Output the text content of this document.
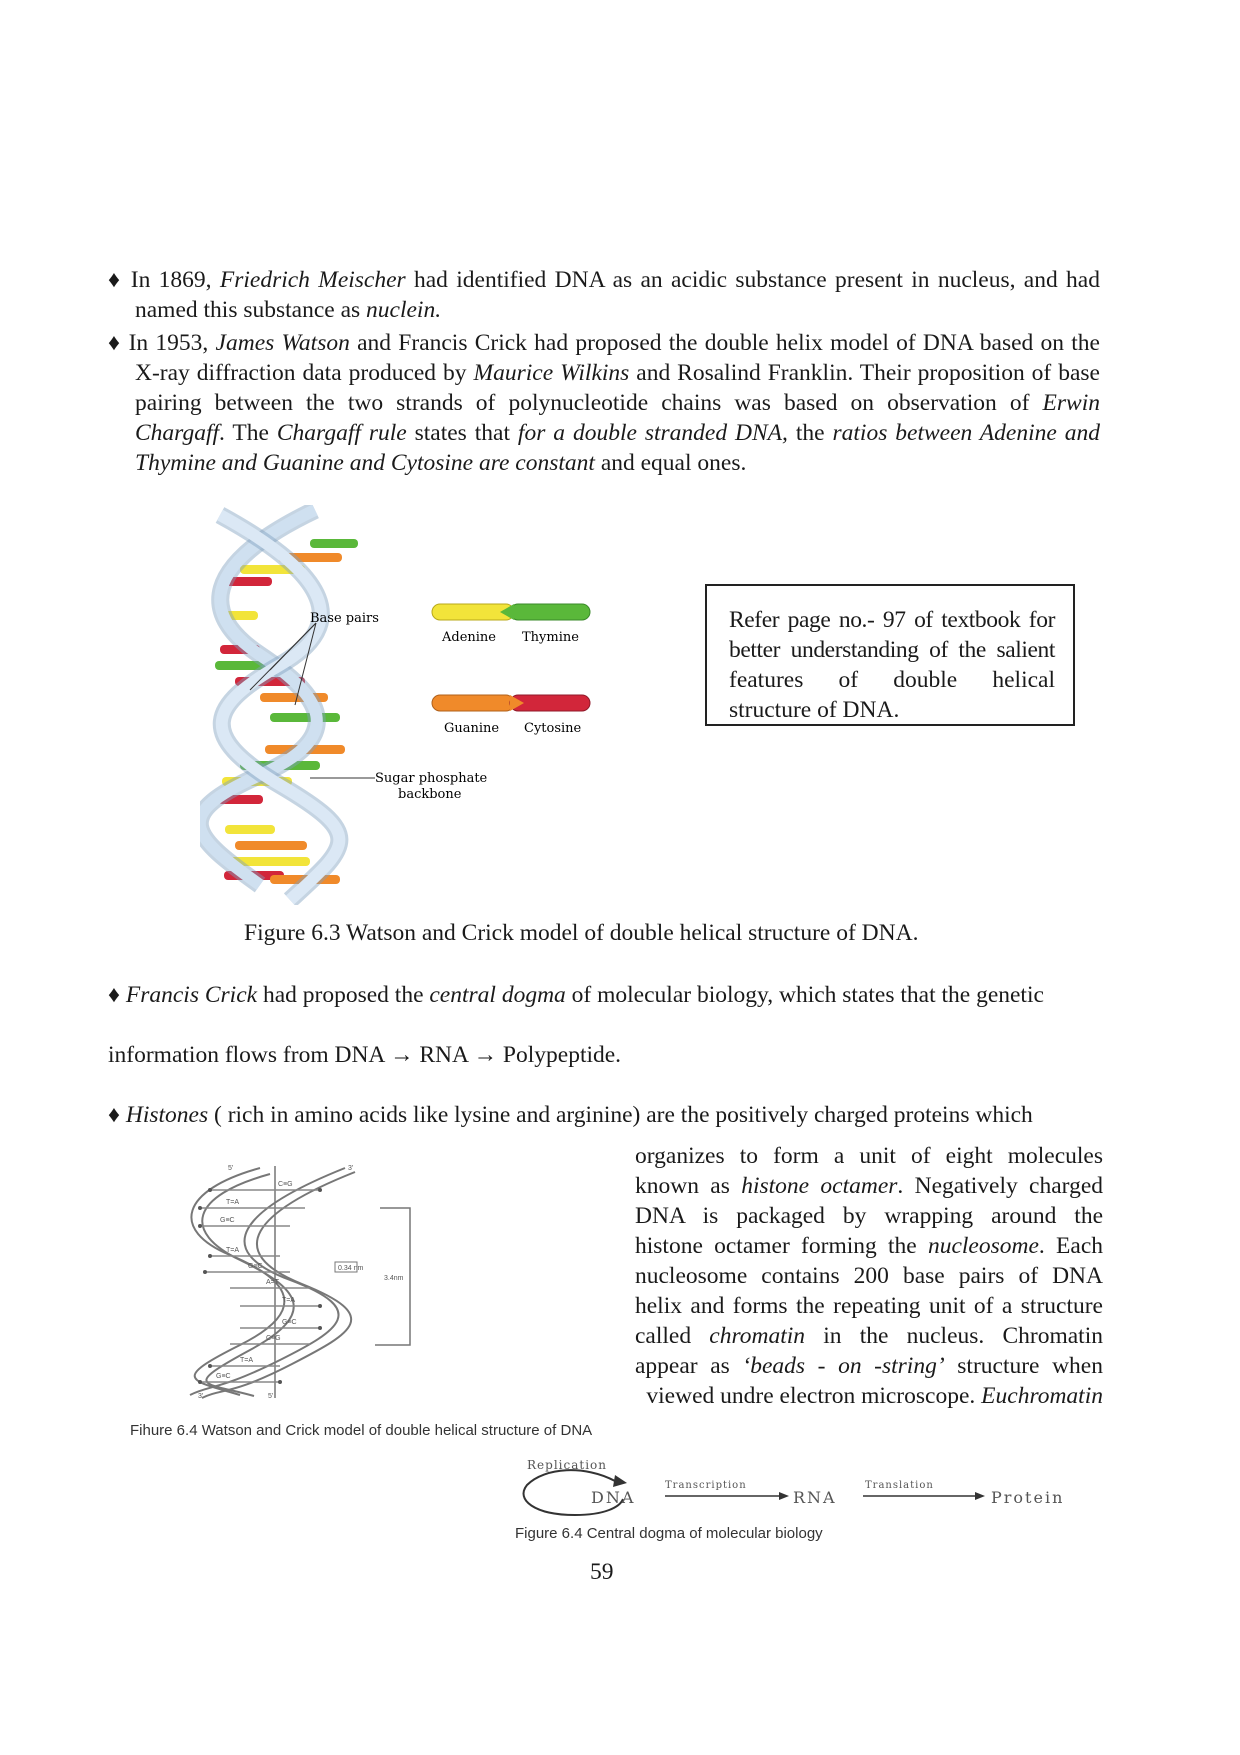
♦ In 1869, Friedrich Meischer had identified DNA as an acidic substance present in nucleus, and had named this substance as nuclein.
♦ In 1953, James Watson and Francis Crick had proposed the double helix model of DNA based on the X-ray diffraction data produced by Maurice Wilkins and Rosalind Franklin. Their proposition of base pairing between the two strands of polynucleotide chains was based on observation of Erwin Chargaff. The Chargaff rule states that for a double stranded DNA, the ratios between Adenine and Thymine and Guanine and Cytosine are constant and equal ones.
Base pairs
Sugar phosphate
backbone
Adenine Thymine
Guanine Cytosine
Refer page no.- 97 of textbook for
better understanding of the salient
features of double helical
structure of DNA.
Figure 6.3 Watson and Crick model of double helical structure of DNA.
♦ Francis Crick had proposed the central dogma of molecular biology, which states that the genetic
information flows from DNA → RNA → Polypeptide.
♦ Histones ( rich in amino acids like lysine and arginine) are the positively charged proteins which
organizes to form a unit of eight molecules known as histone octamer. Negatively charged DNA is packaged by wrapping around the histone octamer forming the nucleosome. Each nucleosome contains 200 base pairs of DNA helix and forms the repeating unit of a structure called chromatin in the nucleus. Chromatin appear as ‘beads - on -string’ structure when viewed undre electron microscope. Euchromatin
5'	3'
C≡G
T=A
G≡C
T=A
G≡C
A=T
T=A
G≡C
C≡G
T=A
G≡C
3'	5'
0.34 nm
3.4nm
Fihure 6.4 Watson and Crick model of double helical structure of DNA
Replication
DNA
Transcription
RNA
Translation
Protein
Figure 6.4 Central dogma of molecular biology
59
